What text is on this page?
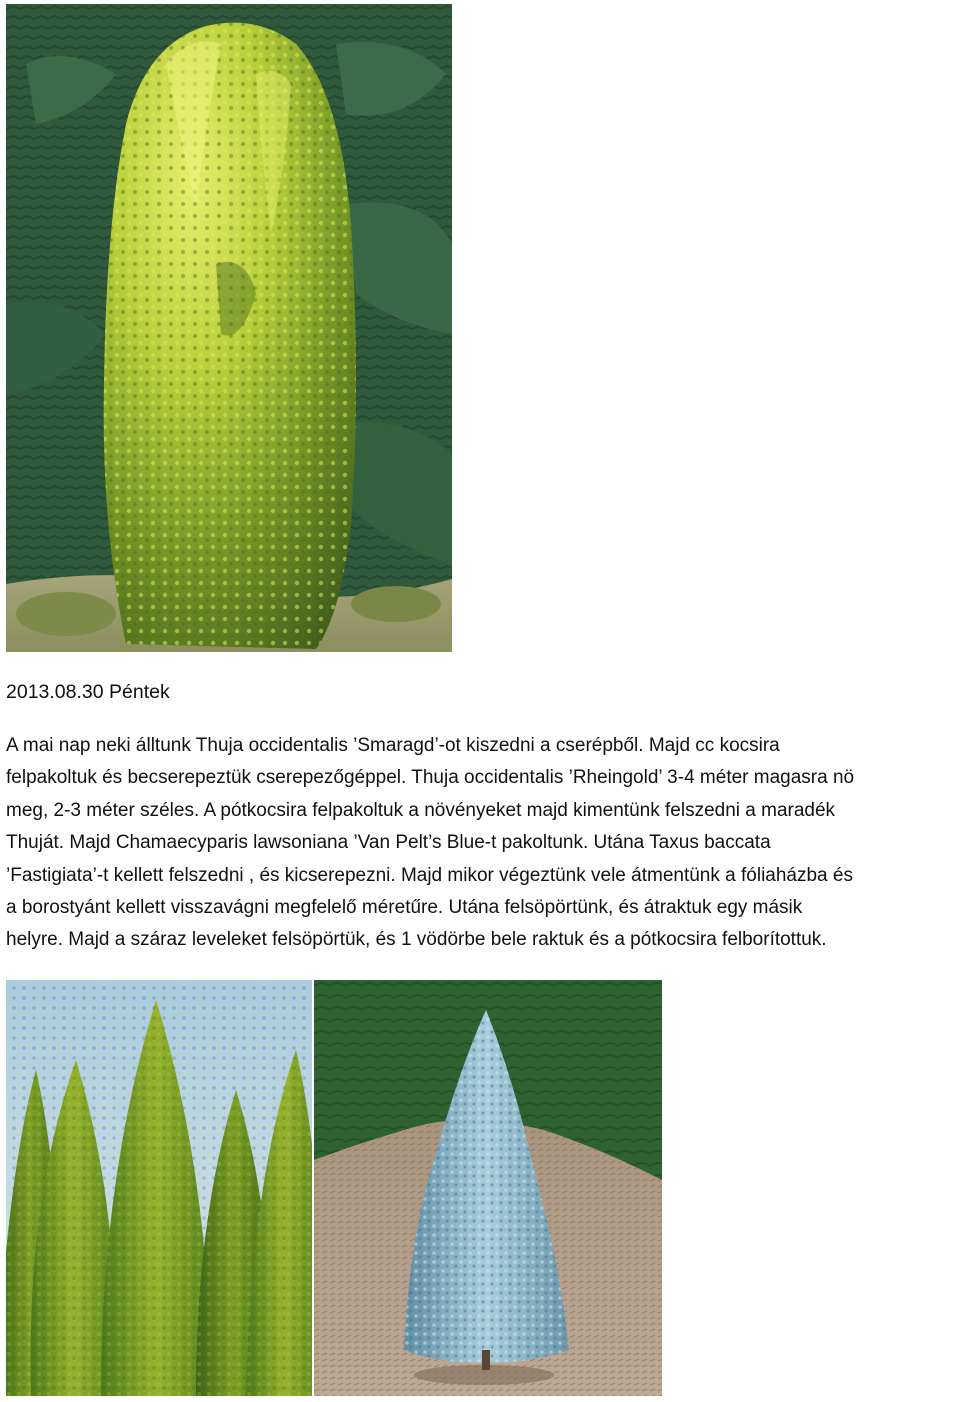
2013.08.30 Péntek
A mai nap neki álltunk Thuja occidentalis ’Smaragd’-ot kiszedni a cserépből. Majd cc kocsira
felpakoltuk és becserepeztük cserepezőgéppel. Thuja occidentalis ’Rheingold’ 3-4 méter magasra nö
meg, 2-3 méter széles. A pótkocsira felpakoltuk a növényeket majd kimentünk felszedni a maradék
Thuját. Majd Chamaecyparis lawsoniana ’Van Pelt’s Blue-t pakoltunk. Utána Taxus baccata
’Fastigiata’-t kellett felszedni , és kicserepezni. Majd mikor végeztünk vele átmentünk a fóliaházba és
a borostyánt kellett visszavágni megfelelő méretűre. Utána felsöpörtünk, és átraktuk egy másik
helyre. Majd a száraz leveleket felsöpörtük, és 1 vödörbe bele raktuk és a pótkocsira felborítottuk.
